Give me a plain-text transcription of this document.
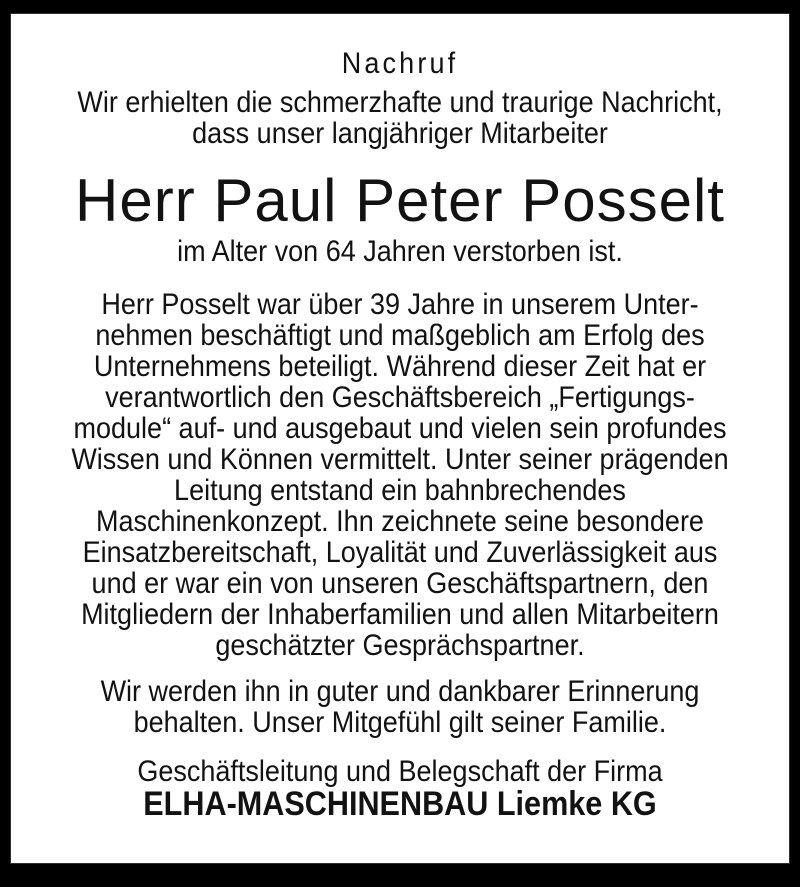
Nachruf
Wir erhielten die schmerzhafte und traurige Nachricht,
dass unser langjähriger Mitarbeiter
Herr Paul Peter Posselt
im Alter von 64 Jahren verstorben ist.
Herr Posselt war über 39 Jahre in unserem Unter-
nehmen beschäftigt und maßgeblich am Erfolg des
Unternehmens beteiligt. Während dieser Zeit hat er
verantwortlich den Geschäftsbereich „Fertigungs-
module“ auf- und ausgebaut und vielen sein profundes
Wissen und Können vermittelt. Unter seiner prägenden
Leitung entstand ein bahnbrechendes
Maschinenkonzept. Ihn zeichnete seine besondere
Einsatzbereitschaft, Loyalität und Zuverlässigkeit aus
und er war ein von unseren Geschäftspartnern, den
Mitgliedern der Inhaberfamilien und allen Mitarbeitern
geschätzter Gesprächspartner.
Wir werden ihn in guter und dankbarer Erinnerung
behalten. Unser Mitgefühl gilt seiner Familie.
Geschäftsleitung und Belegschaft der Firma
ELHA-MASCHINENBAU Liemke KG
